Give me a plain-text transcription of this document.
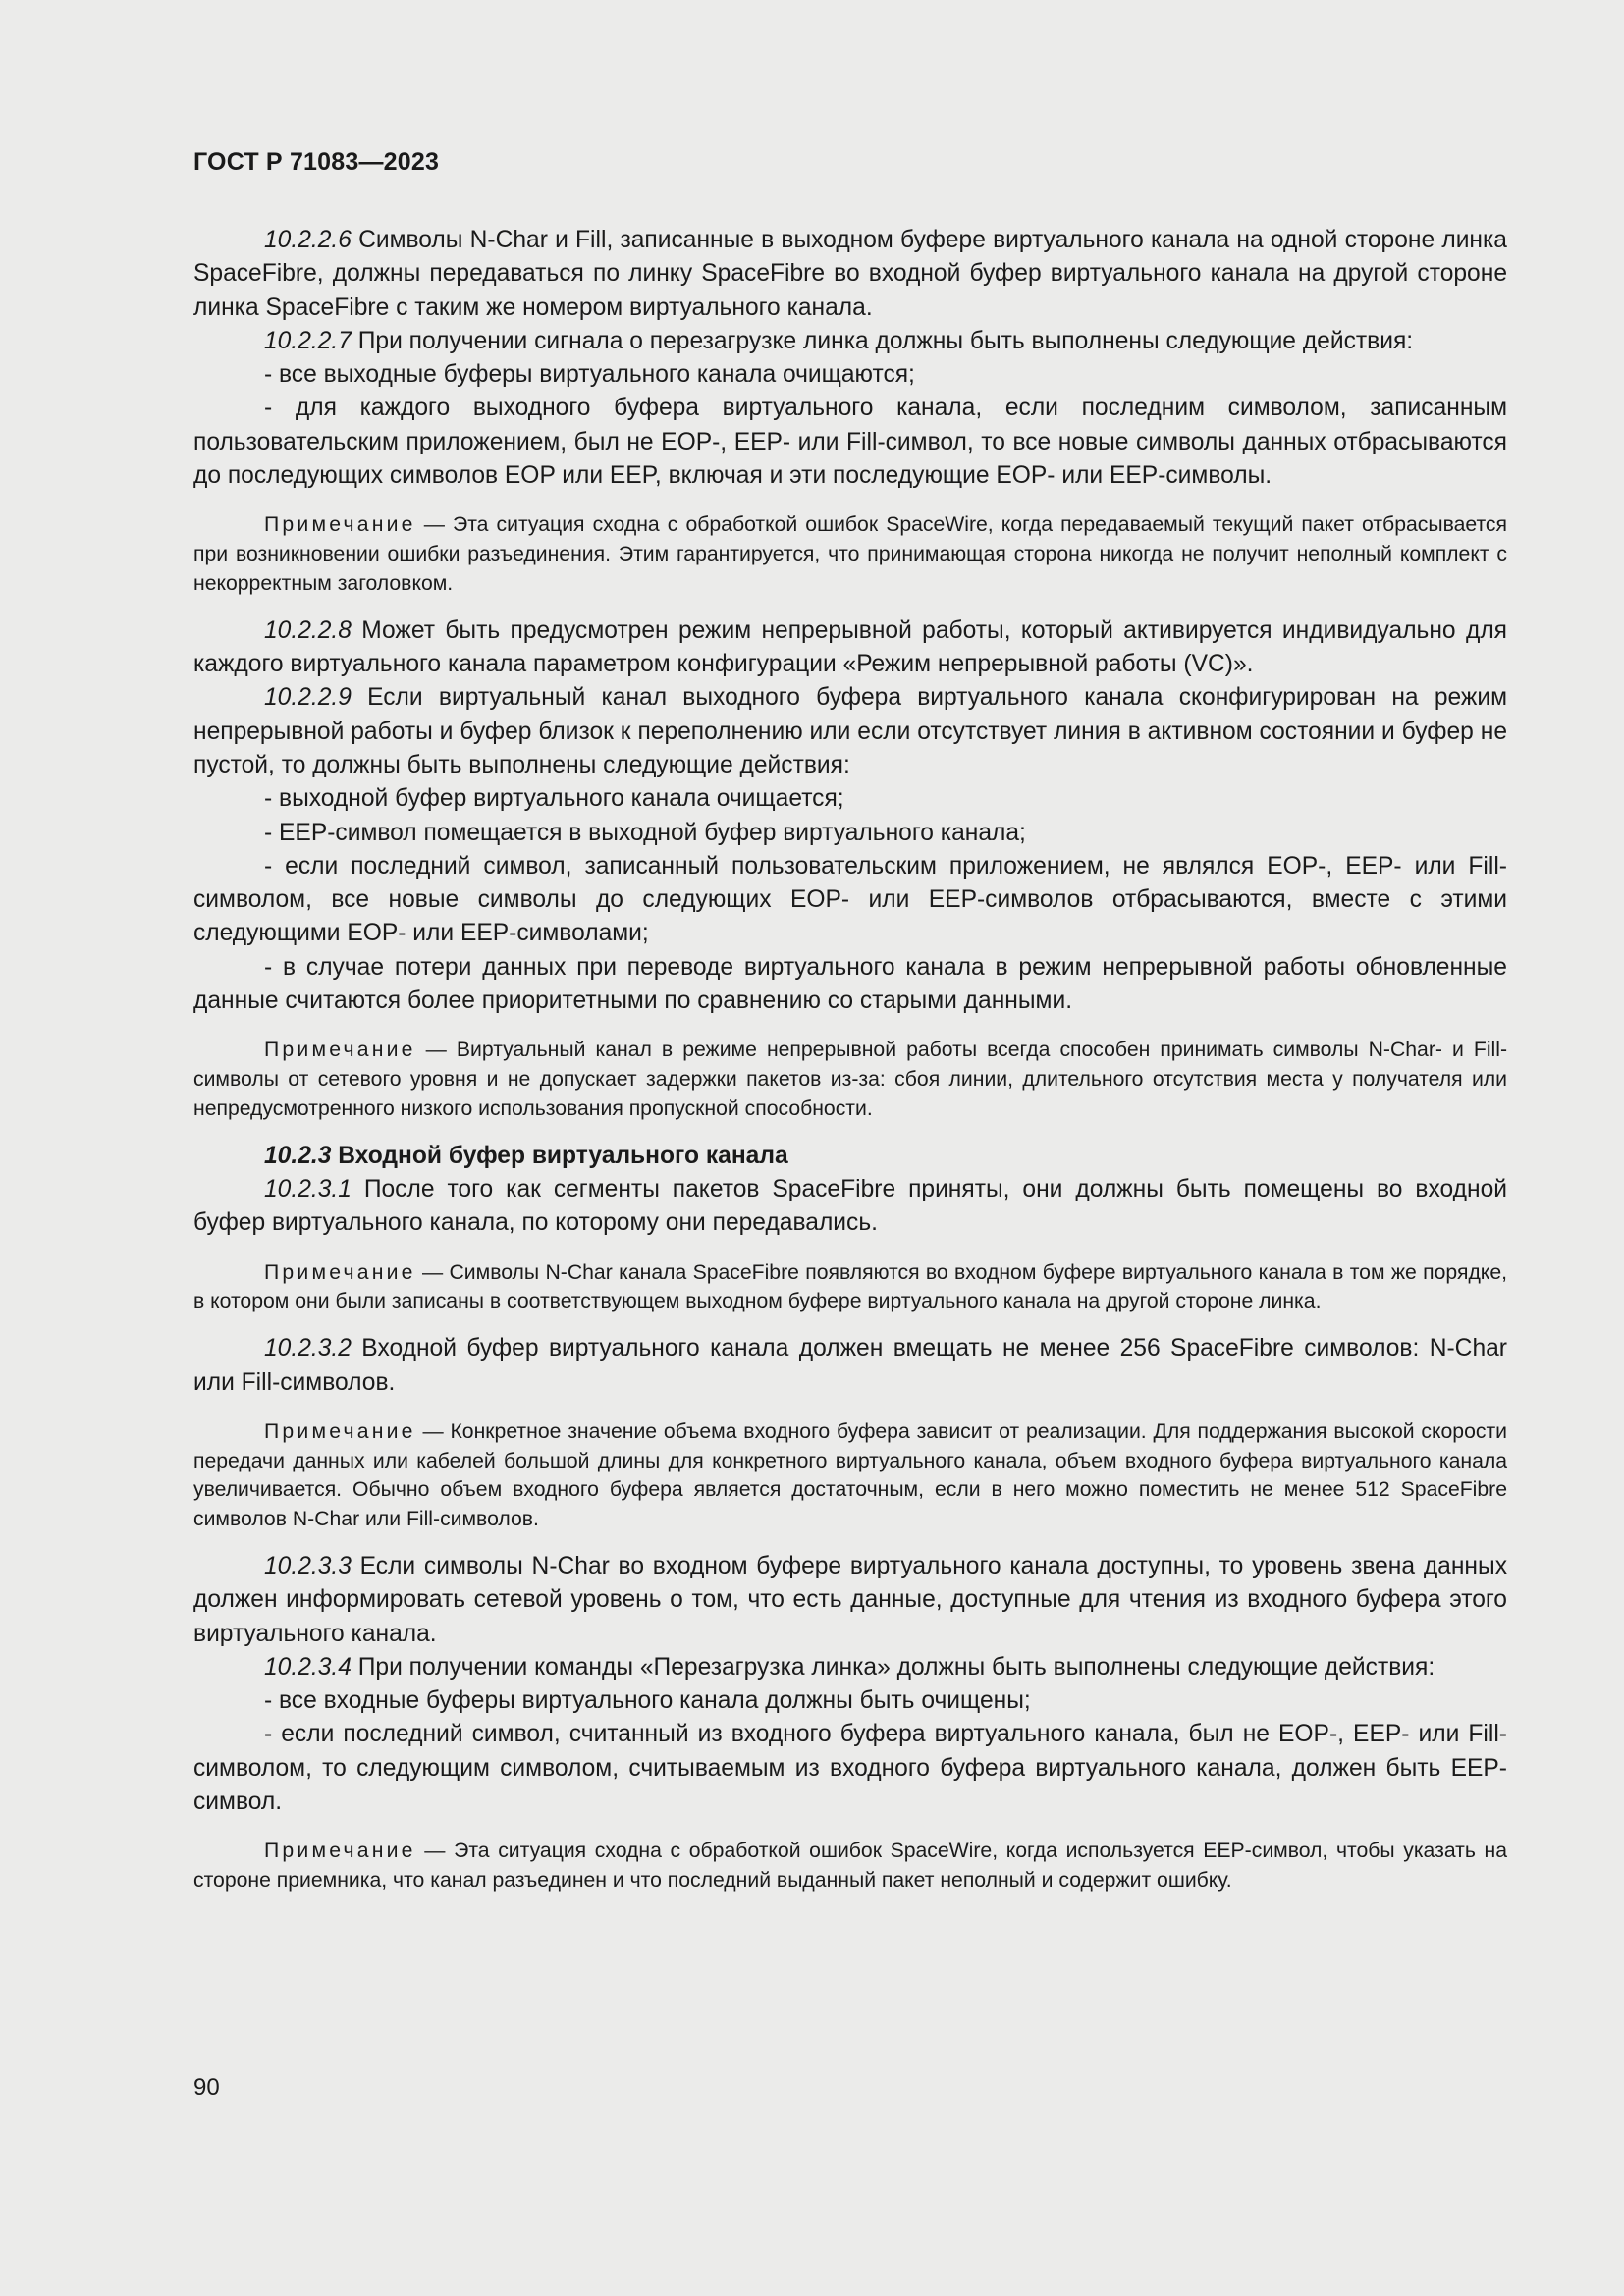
ГОСТ Р 71083—2023

10.2.2.6 Символы N-Char и Fill, записанные в выходном буфере виртуального канала на одной стороне линка SpaceFibre, должны передаваться по линку SpaceFibre во входной буфер виртуального канала на другой стороне линка SpaceFibre с таким же номером виртуального канала.

10.2.2.7 При получении сигнала о перезагрузке линка должны быть выполнены следующие действия:

- все выходные буферы виртуального канала очищаются;

- для каждого выходного буфера виртуального канала, если последним символом, записанным пользовательским приложением, был не EOP-, EEP- или Fill-символ, то все новые символы данных отбрасываются до последующих символов EOP или EEP, включая и эти последующие EOP- или EEP-символы.

Примечание — Эта ситуация сходна с обработкой ошибок SpaceWire, когда передаваемый текущий пакет отбрасывается при возникновении ошибки разъединения. Этим гарантируется, что принимающая сторона никогда не получит неполный комплект с некорректным заголовком.

10.2.2.8 Может быть предусмотрен режим непрерывной работы, который активируется индивидуально для каждого виртуального канала параметром конфигурации «Режим непрерывной работы (VC)».

10.2.2.9 Если виртуальный канал выходного буфера виртуального канала сконфигурирован на режим непрерывной работы и буфер близок к переполнению или если отсутствует линия в активном состоянии и буфер не пустой, то должны быть выполнены следующие действия:

- выходной буфер виртуального канала очищается;

- EEP-символ помещается в выходной буфер виртуального канала;

- если последний символ, записанный пользовательским приложением, не являлся EOP-, EEP- или Fill-символом, все новые символы до следующих EOP- или EEP-символов отбрасываются, вместе с этими следующими EOP- или EEP-символами;

- в случае потери данных при переводе виртуального канала в режим непрерывной работы обновленные данные считаются более приоритетными по сравнению со старыми данными.

Примечание — Виртуальный канал в режиме непрерывной работы всегда способен принимать символы N-Char- и Fill-символы от сетевого уровня и не допускает задержки пакетов из-за: сбоя линии, длительного отсутствия места у получателя или непредусмотренного низкого использования пропускной способности.

10.2.3 Входной буфер виртуального канала

10.2.3.1 После того как сегменты пакетов SpaceFibre приняты, они должны быть помещены во входной буфер виртуального канала, по которому они передавались.

Примечание — Символы N-Char канала SpaceFibre появляются во входном буфере виртуального канала в том же порядке, в котором они были записаны в соответствующем выходном буфере виртуального канала на другой стороне линка.

10.2.3.2 Входной буфер виртуального канала должен вмещать не менее 256 SpaceFibre символов: N-Char или Fill-символов.

Примечание — Конкретное значение объема входного буфера зависит от реализации. Для поддержания высокой скорости передачи данных или кабелей большой длины для конкретного виртуального канала, объем входного буфера виртуального канала увеличивается. Обычно объем входного буфера является достаточным, если в него можно поместить не менее 512 SpaceFibre символов N-Char или Fill-символов.

10.2.3.3 Если символы N-Char во входном буфере виртуального канала доступны, то уровень звена данных должен информировать сетевой уровень о том, что есть данные, доступные для чтения из входного буфера этого виртуального канала.

10.2.3.4 При получении команды «Перезагрузка линка» должны быть выполнены следующие действия:

- все входные буферы виртуального канала должны быть очищены;

- если последний символ, считанный из входного буфера виртуального канала, был не EOP-, EEP- или Fill-символом, то следующим символом, считываемым из входного буфера виртуального канала, должен быть EEP-символ.

Примечание — Эта ситуация сходна с обработкой ошибок SpaceWire, когда используется EEP-символ, чтобы указать на стороне приемника, что канал разъединен и что последний выданный пакет неполный и содержит ошибку.

90
